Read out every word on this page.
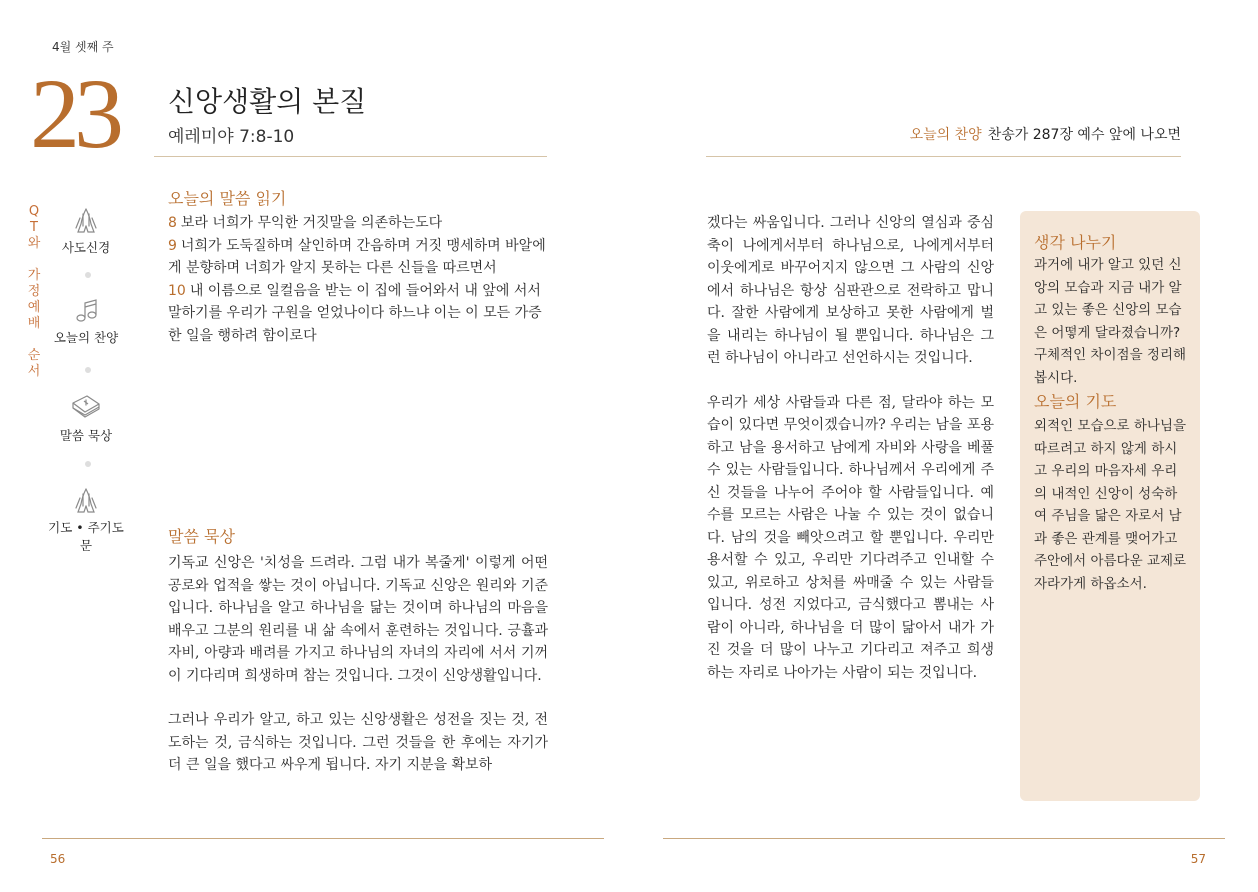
4월 셋째 주
23 신앙생활의 본질
예레미야 7:8-10	오늘의 찬양 찬송가 287장 예수 앞에 나오면
Q
T
와
가
정
예
배
순
서
사도신경
오늘의 찬양
말씀 묵상
기도 • 주기도문
오늘의 말씀 읽기
8 보라 너희가 무익한 거짓말을 의존하는도다
9 너희가 도둑질하며 살인하며 간음하며 거짓 맹세하며 바알에게 분향하며 너희가 알지 못하는 다른 신들을 따르면서
10 내 이름으로 일컬음을 받는 이 집에 들어와서 내 앞에 서서 말하기를 우리가 구원을 얻었나이다 하느냐 이는 이 모든 가증한 일을 행하려 함이로다
말씀 묵상

기독교 신앙은 '치성을 드려라. 그럼 내가 복줄게' 이렇게 어떤 공로와 업적을 쌓는 것이 아닙니다. 기독교 신앙은 원리와 기준입니다. 하나님을 알고 하나님을 닮는 것이며 하나님의 마음을 배우고 그분의 원리를 내 삶 속에서 훈련하는 것입니다. 긍휼과 자비, 아량과 배려를 가지고 하나님의 자녀의 자리에 서서 기꺼이 기다리며 희생하며 참는 것입니다. 그것이 신앙생활입니다.

그러나 우리가 알고, 하고 있는 신앙생활은 성전을 짓는 것, 전도하는 것, 금식하는 것입니다. 그런 것들을 한 후에는 자기가 더 큰 일을 했다고 싸우게 됩니다. 자기 지분을 확보하

겠다는 싸움입니다. 그러나 신앙의 열심과 중심축이 나에게서부터 하나님으로, 나에게서부터 이웃에게로 바꾸어지지 않으면 그 사람의 신앙에서 하나님은 항상 심판관으로 전락하고 맙니다. 잘한 사람에게 보상하고 못한 사람에게 벌을 내리는 하나님이 될 뿐입니다. 하나님은 그런 하나님이 아니라고 선언하시는 것입니다.

우리가 세상 사람들과 다른 점, 달라야 하는 모습이 있다면 무엇이겠습니까? 우리는 남을 포용하고 남을 용서하고 남에게 자비와 사랑을 베풀 수 있는 사람들입니다. 하나님께서 우리에게 주신 것들을 나누어 주어야 할 사람들입니다. 예수를 모르는 사람은 나눌 수 있는 것이 없습니다. 남의 것을 빼앗으려고 할 뿐입니다. 우리만 용서할 수 있고, 우리만 기다려주고 인내할 수 있고, 위로하고 상처를 싸매줄 수 있는 사람들입니다. 성전 지었다고, 금식했다고 뽐내는 사람이 아니라, 하나님을 더 많이 닮아서 내가 가진 것을 더 많이 나누고 기다리고 져주고 희생하는 자리로 나아가는 사람이 되는 것입니다.

생각 나누기
과거에 내가 알고 있던 신앙의 모습과 지금 내가 알고 있는 좋은 신앙의 모습은 어떻게 달라졌습니까? 구체적인 차이점을 정리해 봅시다.
오늘의 기도
외적인 모습으로 하나님을 따르려고 하지 않게 하시고 우리의 마음자세 우리의 내적인 신앙이 성숙하여 주님을 닮은 자로서 남과 좋은 관계를 맺어가고 주안에서 아름다운 교제로 자라가게 하옵소서.
56	57
